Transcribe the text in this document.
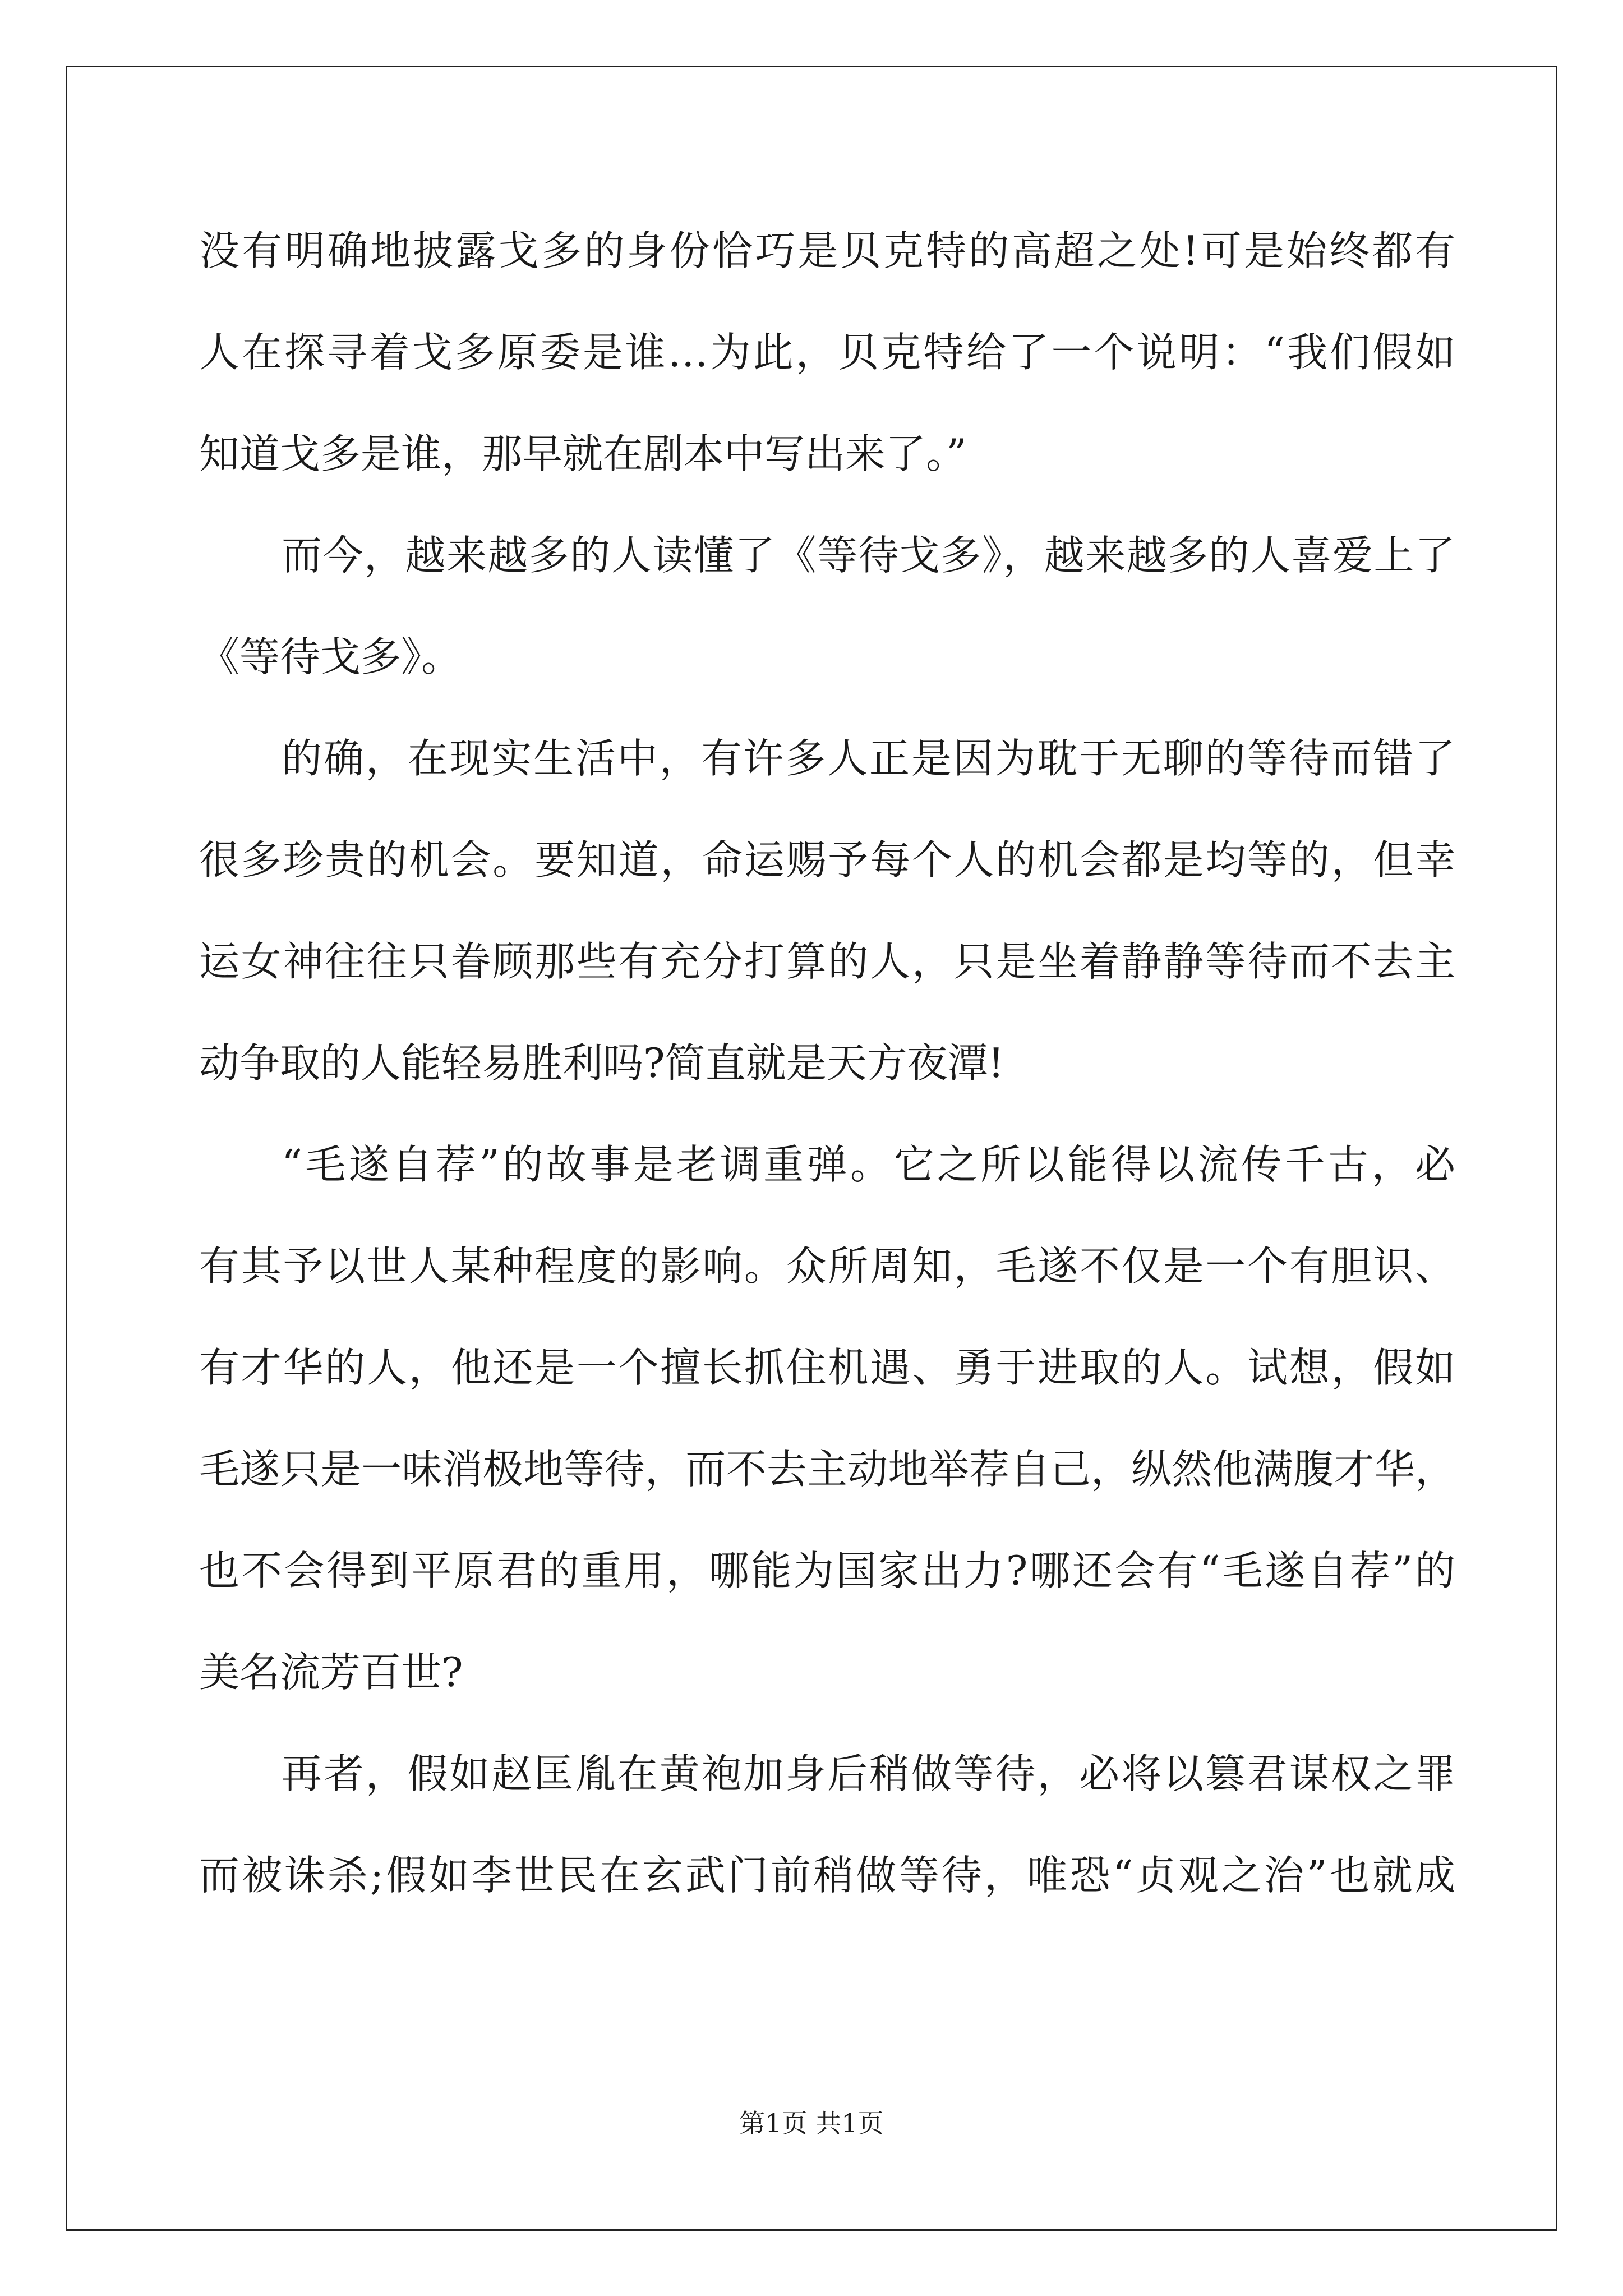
没有明确地披露戈多的身份恰巧是贝克特的高超之处!可是始终都有

人在探寻着戈多原委是谁…为此，贝克特给了一个说明：“我们假如

知道戈多是谁，那早就在剧本中写出来了。”

而今，越来越多的人读懂了《等待戈多》，越来越多的人喜爱上了

《等待戈多》。

的确，在现实生活中，有许多人正是因为耽于无聊的等待而错了

很多珍贵的机会。要知道，命运赐予每个人的机会都是均等的，但幸

运女神往往只眷顾那些有充分打算的人，只是坐着静静等待而不去主

动争取的人能轻易胜利吗?简直就是天方夜潭!

“毛遂自荐”的故事是老调重弹。它之所以能得以流传千古，必

有其予以世人某种程度的影响。众所周知，毛遂不仅是一个有胆识、

有才华的人，他还是一个擅长抓住机遇、勇于进取的人。试想，假如

毛遂只是一味消极地等待，而不去主动地举荐自己，纵然他满腹才华，

也不会得到平原君的重用，哪能为国家出力?哪还会有“毛遂自荐”的

美名流芳百世?

再者，假如赵匡胤在黄袍加身后稍做等待，必将以篡君谋权之罪

而被诛杀;假如李世民在玄武门前稍做等待，唯恐“贞观之治”也就成

第1页 共1页
